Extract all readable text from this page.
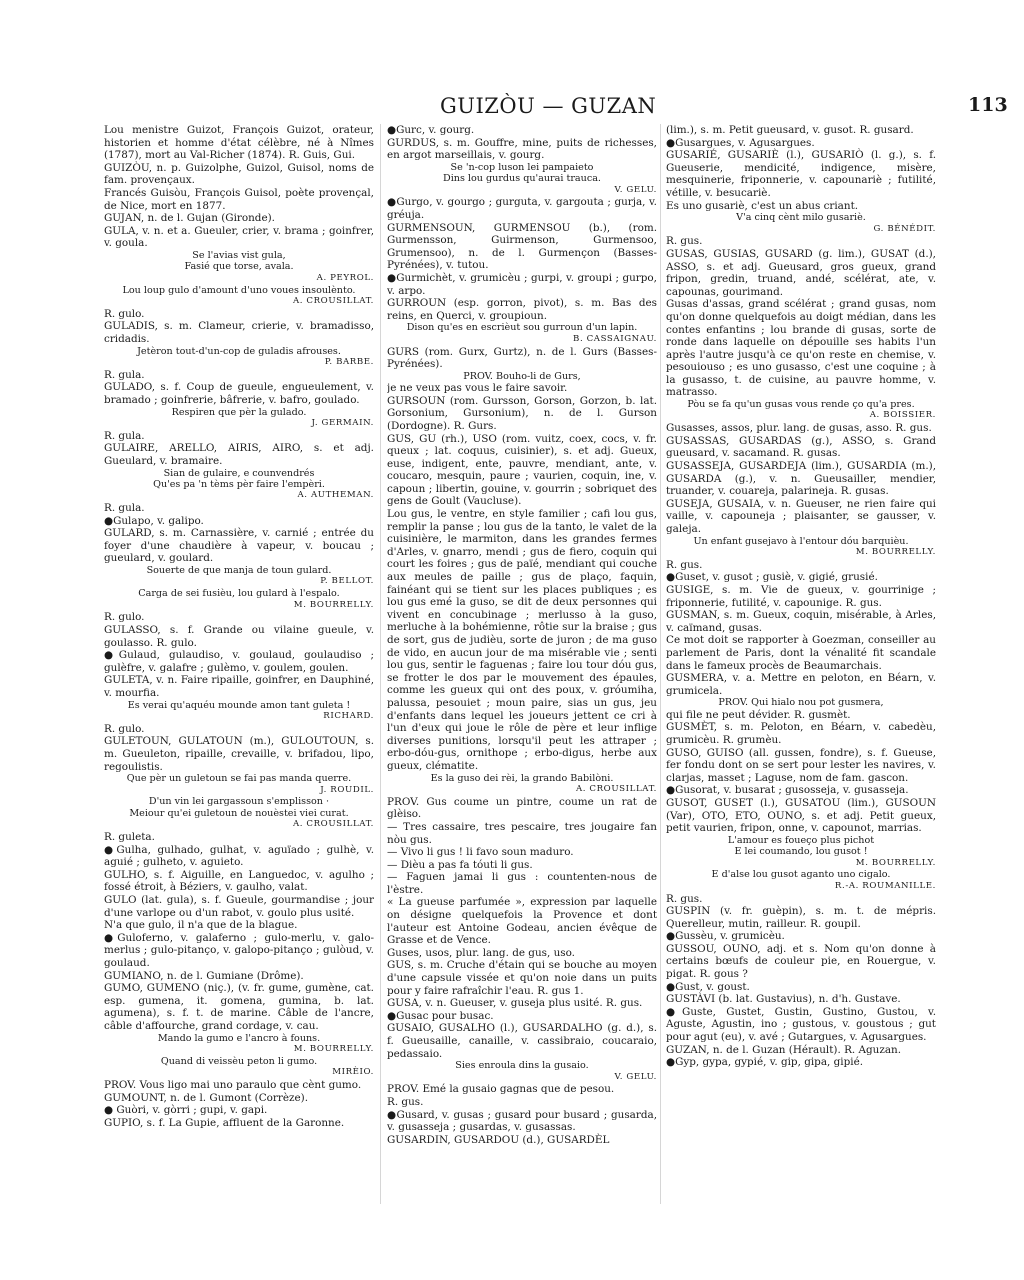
GUIZÒU — GUZAN	113

Lou menistre Guizot, François Guizot, orateur, historien et homme d'état célèbre, né à Nîmes (1787), mort au Val-Richer (1874). R. Guis, Gui.

GUIZÒU, n. p. Guizolphe, Guizol, Guisol, noms de fam. provençaux.

Francés Guisòu, François Guisol, poète provençal, de Nice, mort en 1877.

GUJAN, n. de l. Gujan (Gironde).

GULA, v. n. et a. Gueuler, crier, v. brama ; goinfrer, v. goula.

Se l'avias vist gula,

Fasié que torse, avala.

A. PEYROL.

Lou loup gulo d'amount d'uno voues insoulènto.

A. CROUSILLAT.

R. gulo.

GULADIS, s. m. Clameur, crierie, v. bramadisso, cridadis.

Jetèron tout-d'un-cop de guladis afrouses.

P. BARBE.

R. gula.

GULADO, s. f. Coup de gueule, engueulement, v. bramado ; goinfrerie, bâfrerie, v. bafro, goulado.

Respiren que pèr la gulado.

J. GERMAIN.

R. gula.

GULAIRE, ARELLO, AIRIS, AIRO, s. et adj. Gueulard, v. bramaire.

Sian de gulaire, e counvendrés

Qu'es pa 'n tèms pèr faire l'empèri.

A. AUTHEMAN.

R. gula.

●Gulapo, v. galipo.

GULARD, s. m. Carnassière, v. carnié ; entrée du foyer d'une chaudière à vapeur, v. boucau ; gueulard, v. goulard.

Souerte de que manja de toun gulard.

P. BELLOT.

Carga de sei fusièu, lou gulard à l'espalo.

M. BOURRELLY.

R. gulo.

GULASSO, s. f. Grande ou vilaine gueule, v. goulasso. R. gulo.

●Gulaud, gulaudiso, v. goulaud, goulaudiso ; gulèfre, v. galafre ; gulèmo, v. goulem, goulen.

GULETA, v. n. Faire ripaille, goinfrer, en Dauphiné, v. mourfia.

Es verai qu'aquéu mounde amon tant guleta !

RICHARD.

R. gulo.

GULETOUN, GULATOUN (m.), GULOUTOUN, s. m. Gueuleton, ripaille, crevaille, v. brifadou, lipo, regoulistis.

Que pèr un guletoun se fai pas manda querre.

J. ROUDIL.

D'un vin lei gargassoun s'emplisson ·

Meiour qu'ei guletoun de nouèstei viei curat.

A. CROUSILLAT.

R. guleta.

●Gulha, gulhado, gulhat, v. aguïado ; gulhè, v. aguié ; gulheto, v. aguieto.

GULHO, s. f. Aiguille, en Languedoc, v. agulho ; fossé étroit, à Béziers, v. gaulho, valat.

GULO (lat. gula), s. f. Gueule, gourmandise ; jour d'une varlope ou d'un rabot, v. goulo plus usité.

N'a que gulo, il n'a que de la blague.

●Guloferno, v. galaferno ; gulo-merlu, v. galo-merlus ; gulo-pitanço, v. galopo-pitanço ; gulòud, v. goulaud.

GUMIANO, n. de l. Gumiane (Drôme).

GUMO, GUMENO (niç.), (v. fr. gume, gumène, cat. esp. gumena, it. gomena, gumina, b. lat. agumena), s. f. t. de marine. Câble de l'ancre, câble d'affourche, grand cordage, v. cau.

Mando la gumo e l'ancro à founs.

M. BOURRELLY.

Quand di veissèu peton li gumo.

MIRÈIO.

PROV. Vous ligo mai uno paraulo que cènt gumo.

GUMOUNT, n. de l. Gumont (Corrèze).

● Guòri, v. gòrri ; gupi, v. gapi.

GUPIO, s. f. La Gupie, affluent de la Garonne.

●Gurc, v. gourg.

GURDUS, s. m. Gouffre, mine, puits de richesses, en argot marseillais, v. gourg.

Se 'n-cop luson lei pampaieto

Dins lou gurdus qu'aurai trauca.

V. GELU.

●Gurgo, v. gourgo ; gurguta, v. gargouta ; gurja, v. gréuja.

GURMENSOUN, GURMENSOU (b.), (rom. Gurmensson, Guirmenson, Gurmensoo, Grumensoo), n. de l. Gurmençon (Basses-Pyrénées), v. tutou.

●Gurmichèt, v. grumicèu ; gurpi, v. groupi ; gurpo, v. arpo.

GURROUN (esp. gorron, pivot), s. m. Bas des reins, en Querci, v. groupioun.

Dison qu'es en escrièut sou gurroun d'un lapin.

B. CASSAIGNAU.

GURS (rom. Gurx, Gurtz), n. de l. Gurs (Basses-Pyrénées).

PROV. Bouho-li de Gurs,

je ne veux pas vous le faire savoir.

GURSOUN (rom. Gursson, Gorson, Gorzon, b. lat. Gorsonium, Gursonium), n. de l. Gurson (Dordogne). R. Gurs.

GUS, GU (rh.), USO (rom. vuitz, coex, cocs, v. fr. queux ; lat. coquus, cuisinier), s. et adj. Gueux, euse, indigent, ente, pauvre, mendiant, ante, v. coucaro, mesquin, paure ; vaurien, coquin, ine, v. capoun ; libertin, gouine, v. gourrin ; sobriquet des gens de Goult (Vaucluse).

Lou gus, le ventre, en style familier ; cafi lou gus, remplir la panse ; lou gus de la tanto, le valet de la cuisinière, le marmiton, dans les grandes fermes d'Arles, v. gnarro, mendi ; gus de fiero, coquin qui court les foires ; gus de païé, mendiant qui couche aux meules de paille ; gus de plaço, faquin, fainéant qui se tient sur les places publiques ; es lou gus emé la guso, se dit de deux personnes qui vivent en concubinage ; merlusso à la guso, merluche à la bohémienne, rôtie sur la braise ; gus de sort, gus de judièu, sorte de juron ; de ma guso de vido, en aucun jour de ma misérable vie ; senti lou gus, sentir le faguenas ; faire lou tour dóu gus, se frotter le dos par le mouvement des épaules, comme les gueux qui ont des poux, v. gróumiha, palussa, pesouiet ; moun paire, sias un gus, jeu d'enfants dans lequel les joueurs jettent ce cri à l'un d'eux qui joue le rôle de père et leur inflige diverses punitions, lorsqu'il peut les attraper ; erbo-dóu-gus, ornithope ; erbo-digus, herbe aux gueux, clématite.

Es la guso dei rèi, la grando Babilòni.

A. CROUSILLAT.

PROV. Gus coume un pintre, coume un rat de glèiso.

— Tres cassaire, tres pescaire, tres jougaire fan nòu gus.

— Vivo li gus ! li favo soun maduro.

— Dièu a pas fa tóuti li gus.

— Faguen jamai li gus : countenten-nous de l'èstre.

« La gueuse parfumée », expression par laquelle on désigne quelquefois la Provence et dont l'auteur est Antoine Godeau, ancien évêque de Grasse et de Vence.

Guses, usos, plur. lang. de gus, uso.

GUS, s. m. Cruche d'étain qui se bouche au moyen d'une capsule vissée et qu'on noie dans un puits pour y faire rafraîchir l'eau. R. gus 1.

GUSA, v. n. Gueuser, v. guseja plus usité. R. gus.

●Gusac pour busac.

GUSAIO, GUSALHO (l.), GUSARDALHO (g. d.), s. f. Gueusaille, canaille, v. cassibraio, coucaraio, pedassaio.

Sies enroula dins la gusaio.

V. GELU.

PROV. Emé la gusaio gagnas que de pesou.

R. gus.

●Gusard, v. gusas ; gusard pour busard ; gusarda, v. gusasseja ; gusardas, v. gusassas.

GUSARDIN, GUSARDOU (d.), GUSARDÈL

(lim.), s. m. Petit gueusard, v. gusot. R. gusard.

●Gusargues, v. Agusargues.

GUSARIÉ, GUSARIÈ (l.), GUSARIÒ (l. g.), s. f. Gueuserie, mendicité, indigence, misère, mesquinerie, friponnerie, v. capounariè ; futilité, vétille, v. besucariè.

Es uno gusariè, c'est un abus criant.

V'a cinq cènt milo gusariè.

G. BÉNÉDIT.

R. gus.

GUSAS, GUSIAS, GUSARD (g. lim.), GUSAT (d.), ASSO, s. et adj. Gueusard, gros gueux, grand fripon, gredin, truand, andé, scélérat, ate, v. capounas, gourimand.

Gusas d'assas, grand scélérat ; grand gusas, nom qu'on donne quelquefois au doigt médian, dans les contes enfantins ; lou brande di gusas, sorte de ronde dans laquelle on dépouille ses habits l'un après l'autre jusqu'à ce qu'on reste en chemise, v. pesouiouso ; es uno gusasso, c'est une coquine ; à la gusasso, t. de cuisine, au pauvre homme, v. matrasso.

Pòu se fa qu'un gusas vous rende ço qu'a pres.

A. BOISSIER.

Gusasses, assos, plur. lang. de gusas, asso. R. gus.

GUSASSAS, GUSARDAS (g.), ASSO, s. Grand gueusard, v. sacamand. R. gusas.

GUSASSEJA, GUSARDEJA (lim.), GUSARDIA (m.), GUSARDA (g.), v. n. Gueusailler, mendier, truander, v. couareja, palarineja. R. gusas.

GUSEJA, GUSAIA, v. n. Gueuser, ne rien faire qui vaille, v. capouneja ; plaisanter, se gausser, v. galeja.

Un enfant gusejavo à l'entour dóu barquièu.

M. BOURRELLY.

R. gus.

●Guset, v. gusot ; gusiè, v. gigié, grusié.

GUSIGE, s. m. Vie de gueux, v. gourrinige ; friponnerie, futilité, v. capounige. R. gus.

GUSMAN, s. m. Gueux, coquin, misérable, à Arles, v. caïmand, gusas.

Ce mot doit se rapporter à Goezman, conseiller au parlement de Paris, dont la vénalité fit scandale dans le fameux procès de Beaumarchais.

GUSMERA, v. a. Mettre en peloton, en Béarn, v. grumicela.

PROV. Qui hialo nou pot gusmera,

qui file ne peut dévider. R. gusmèt.

GUSMÈT, s. m. Peloton, en Béarn, v. cabedèu, grumicèu. R. grumèu.

GUSO, GUISO (all. gussen, fondre), s. f. Gueuse, fer fondu dont on se sert pour lester les navires, v. clarjas, masset ; Laguse, nom de fam. gascon.

●Gusorat, v. busarat ; gusosseja, v. gusasseja.

GUSOT, GUSET (l.), GUSATOU (lim.), GUSOUN (Var), OTO, ETO, OUNO, s. et adj. Petit gueux, petit vaurien, fripon, onne, v. capounot, marrias.

L'amour es foueço plus pichot

E lei coumando, lou gusot !

M. BOURRELLY.

E d'alse lou gusot aganto uno cigalo.

R.-A. ROUMANILLE.

R. gus.

GUSPIN (v. fr. guèpin), s. m. t. de mépris. Querelleur, mutin, railleur. R. goupil.

●Gussèu, v. grumicèu.

GUSSOU, OUNO, adj. et s. Nom qu'on donne à certains bœufs de couleur pie, en Rouergue, v. pigat. R. gous ?

●Gust, v. goust.

GUSTÀVI (b. lat. Gustavius), n. d'h. Gustave.

●Guste, Gustet, Gustin, Gustino, Gustou, v. Aguste, Agustin, ino ; gustous, v. goustous ; gut pour agut (eu), v. avé ; Gutargues, v. Agusargues.

GUZAN, n. de l. Guzan (Hérault). R. Aguzan.

●Gyp, gypa, gypié, v. gip, gipa, gipié.
